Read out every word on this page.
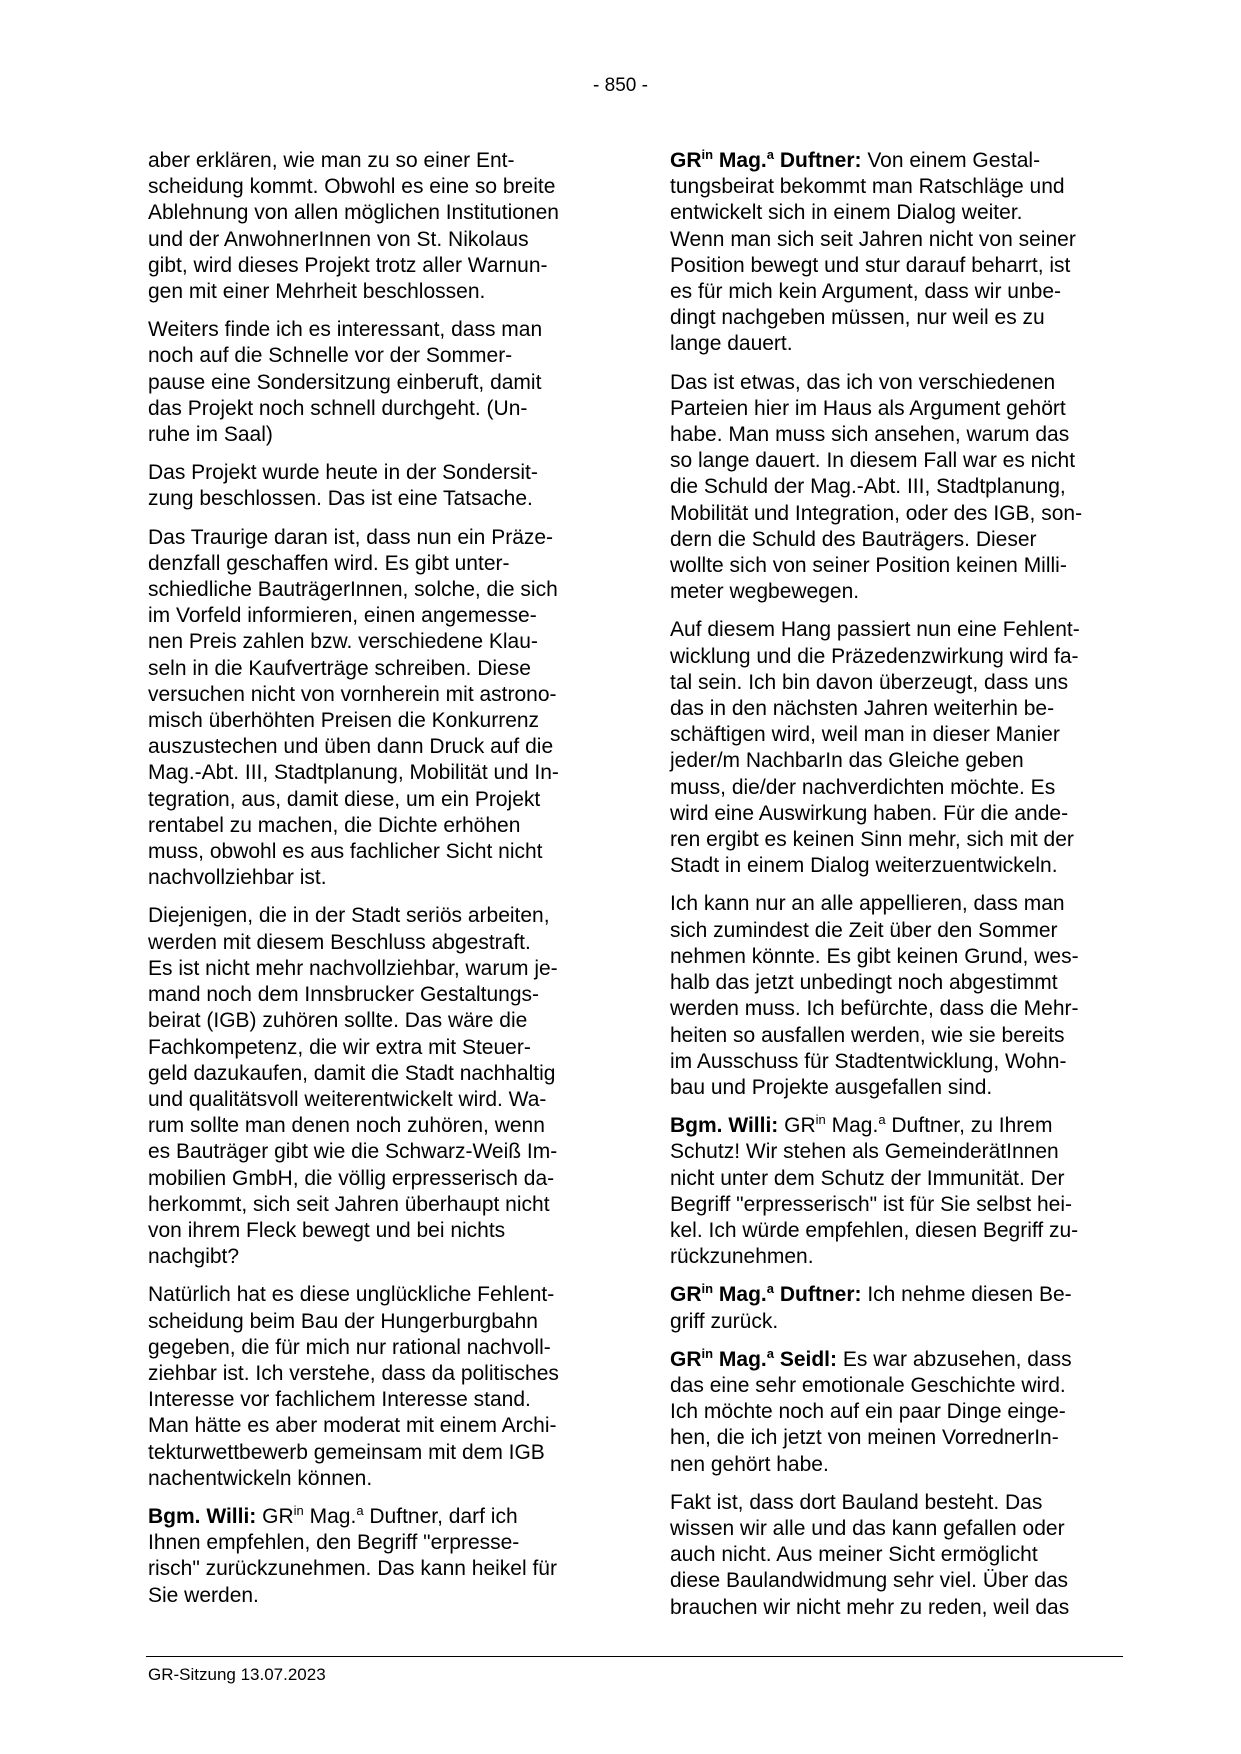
- 850 -

aber erklären, wie man zu so einer Ent-
scheidung kommt. Obwohl es eine so breite
Ablehnung von allen möglichen Institutionen
und der AnwohnerInnen von St. Nikolaus
gibt, wird dieses Projekt trotz aller Warnun-
gen mit einer Mehrheit beschlossen.

Weiters finde ich es interessant, dass man
noch auf die Schnelle vor der Sommer-
pause eine Sondersitzung einberuft, damit
das Projekt noch schnell durchgeht. (Un-
ruhe im Saal)

Das Projekt wurde heute in der Sondersit-
zung beschlossen. Das ist eine Tatsache.

Das Traurige daran ist, dass nun ein Präze-
denzfall geschaffen wird. Es gibt unter-
schiedliche BauträgerInnen, solche, die sich
im Vorfeld informieren, einen angemesse-
nen Preis zahlen bzw. verschiedene Klau-
seln in die Kaufverträge schreiben. Diese
versuchen nicht von vornherein mit astrono-
misch überhöhten Preisen die Konkurrenz
auszustechen und üben dann Druck auf die
Mag.-Abt. III, Stadtplanung, Mobilität und In-
tegration, aus, damit diese, um ein Projekt
rentabel zu machen, die Dichte erhöhen
muss, obwohl es aus fachlicher Sicht nicht
nachvollziehbar ist.

Diejenigen, die in der Stadt seriös arbeiten,
werden mit diesem Beschluss abgestraft.
Es ist nicht mehr nachvollziehbar, warum je-
mand noch dem Innsbrucker Gestaltungs-
beirat (IGB) zuhören sollte. Das wäre die
Fachkompetenz, die wir extra mit Steuer-
geld dazukaufen, damit die Stadt nachhaltig
und qualitätsvoll weiterentwickelt wird. Wa-
rum sollte man denen noch zuhören, wenn
es Bauträger gibt wie die Schwarz-Weiß Im-
mobilien GmbH, die völlig erpresserisch da-
herkommt, sich seit Jahren überhaupt nicht
von ihrem Fleck bewegt und bei nichts
nachgibt?

Natürlich hat es diese unglückliche Fehlent-
scheidung beim Bau der Hungerburgbahn
gegeben, die für mich nur rational nachvoll-
ziehbar ist. Ich verstehe, dass da politisches
Interesse vor fachlichem Interesse stand.
Man hätte es aber moderat mit einem Archi-
tekturwettbewerb gemeinsam mit dem IGB
nachentwickeln können.

Bgm. Willi: $GR^{in}$ Mag.$^a$ Duftner, darf ich
Ihnen empfehlen, den Begriff "erpresse-
risch" zurückzunehmen. Das kann heikel für
Sie werden.

$GR^{in}$ Mag.$^a$ Duftner: Von einem Gestal-
tungsbeirat bekommt man Ratschläge und
entwickelt sich in einem Dialog weiter.
Wenn man sich seit Jahren nicht von seiner
Position bewegt und stur darauf beharrt, ist
es für mich kein Argument, dass wir unbe-
dingt nachgeben müssen, nur weil es zu
lange dauert.

Das ist etwas, das ich von verschiedenen
Parteien hier im Haus als Argument gehört
habe. Man muss sich ansehen, warum das
so lange dauert. In diesem Fall war es nicht
die Schuld der Mag.-Abt. III, Stadtplanung,
Mobilität und Integration, oder des IGB, son-
dern die Schuld des Bauträgers. Dieser
wollte sich von seiner Position keinen Milli-
meter wegbewegen.

Auf diesem Hang passiert nun eine Fehlent-
wicklung und die Präzedenzwirkung wird fa-
tal sein. Ich bin davon überzeugt, dass uns
das in den nächsten Jahren weiterhin be-
schäftigen wird, weil man in dieser Manier
jeder/m NachbarIn das Gleiche geben
muss, die/der nachverdichten möchte. Es
wird eine Auswirkung haben. Für die ande-
ren ergibt es keinen Sinn mehr, sich mit der
Stadt in einem Dialog weiterzuentwickeln.

Ich kann nur an alle appellieren, dass man
sich zumindest die Zeit über den Sommer
nehmen könnte. Es gibt keinen Grund, wes-
halb das jetzt unbedingt noch abgestimmt
werden muss. Ich befürchte, dass die Mehr-
heiten so ausfallen werden, wie sie bereits
im Ausschuss für Stadtentwicklung, Wohn-
bau und Projekte ausgefallen sind.

Bgm. Willi: $GR^{in}$ Mag.$^a$ Duftner, zu Ihrem
Schutz! Wir stehen als GemeinderätInnen
nicht unter dem Schutz der Immunität. Der
Begriff "erpresserisch" ist für Sie selbst hei-
kel. Ich würde empfehlen, diesen Begriff zu-
rückzunehmen.

$GR^{in}$ Mag.$^a$ Duftner: Ich nehme diesen Be-
griff zurück.

$GR^{in}$ Mag.$^a$ Seidl: Es war abzusehen, dass
das eine sehr emotionale Geschichte wird.
Ich möchte noch auf ein paar Dinge einge-
hen, die ich jetzt von meinen VorrednerIn-
nen gehört habe.

Fakt ist, dass dort Bauland besteht. Das
wissen wir alle und das kann gefallen oder
auch nicht. Aus meiner Sicht ermöglicht
diese Baulandwidmung sehr viel. Über das
brauchen wir nicht mehr zu reden, weil das

GR-Sitzung 13.07.2023
